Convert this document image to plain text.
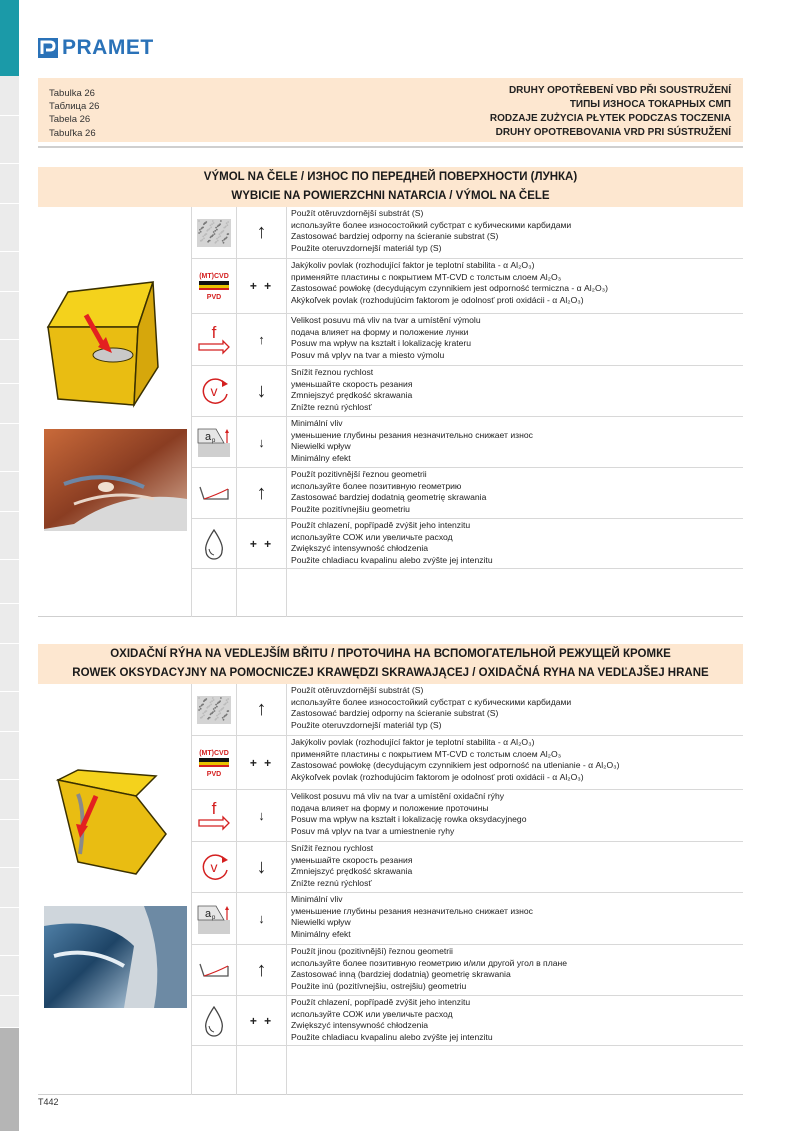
PRAMET
Tabulka 26
Таблица 26
Tabela 26
Tabuľka 26
DRUHY OPOTŘEBENÍ VBD PŘI SOUSTRUŽENÍ
ТИПЫ ИЗНОСА ТОКАРНЫХ СМП
RODZAJE ZUŻYCIA PŁYTEK PODCZAS TOCZENIA
DRUHY OPOTREBOVANIA VRD PRI SÚSTRUŽENÍ
VÝMOL NA ČELE / ИЗНОС ПО ПЕРЕДНЕЙ ПОВЕРХНОСТИ (ЛУНКА)
WYBICIE NA POWIERZCHNI NATARCIA / VÝMOL NA ČELE
↑
Použít otěruvzdornější substrát (S)
используйте более износостойкий субстрат с кубическими карбидами
Zastosować bardziej odporny na ścieranie substrat (S)
Použite oteruvzdornejší materiál typ (S)
(MT)CVD
PVD
+ +
Jakýkoliv povlak (rozhodující faktor je teplotní stabilita - α Al₂O₃)
применяйте пластины с покрытием MT-CVD с толстым слоем Al₂O₃
Zastosować powłokę (decydującym czynnikiem jest odporność termiczna - α Al₂O₃)
Akýkoľvek povlak (rozhodujúcim faktorom je odolnosť proti oxidácii - α Al₂O₃)
f	↑
Velikost posuvu má vliv na tvar a umístění výmolu
подача влияет на форму и положение лунки
Posuw ma wpływ na kształt i lokalizację krateru
Posuv má vplyv na tvar a miesto výmolu
v	↓
Snížit řeznou rychlost
уменьшайте скорость резания
Zmniejszyć prędkość skrawania
Znížte reznú rýchlosť
a p	↓
Minimální vliv
уменьшение глубины резания незначительно снижает износ
Niewielki wpływ
Minimálny efekt
↑
Použít pozitivnější řeznou geometrii
используйте более позитивную геометрию
Zastosować bardziej dodatnią geometrię skrawania
Použite pozitívnejšiu geometriu
+ +
Použít chlazení, popřípadě zvýšit jeho intenzitu
используйте СОЖ или увеличьте расход
Zwiększyć intensywność chłodzenia
Použite chladiacu kvapalinu alebo zvýšte jej intenzitu
OXIDAČNÍ RÝHA NA VEDLEJŠÍM BŘITU / ПРОТОЧИНА НА ВСПОМОГАТЕЛЬНОЙ РЕЖУЩЕЙ КРОМКЕ
ROWEK OKSYDACYJNY NA POMOCNICZEJ KRAWĘDZI SKRAWAJĄCEJ / OXIDAČNÁ RYHA NA VEDĽAJŠEJ HRANE
↑
Použít otěruvzdornější substrát (S)
используйте более износостойкий субстрат с кубическими карбидами
Zastosować bardziej odporny na ścieranie substrat (S)
Použite oteruvzdornejší materiál typ (S)
(MT)CVD
PVD
+ +
Jakýkoliv povlak (rozhodující faktor je teplotní stabilita - α Al₂O₃)
применяйте пластины с покрытием MT-CVD с толстым слоем Al₂O₃
Zastosować powłokę (decydującym czynnikiem jest odporność na utlenianie - α Al₂O₃)
Akýkoľvek povlak (rozhodujúcim faktorom je odolnosť proti oxidácii - α Al₂O₃)
f	↓
Velikost posuvu má vliv na tvar a umístění oxidační rýhy
подача влияет на форму и положение проточины
Posuw ma wpływ na kształt i lokalizację rowka oksydacyjnego
Posuv má vplyv na tvar a umiestnenie ryhy
v	↓
Snížit řeznou rychlost
уменьшайте скорость резания
Zmniejszyć prędkość skrawania
Znížte reznú rýchlosť
a p	↓
Minimální vliv
уменьшение глубины резания незначительно снижает износ
Niewielki wpływ
Minimálny efekt
↑
Použít jinou (pozitivnější) řeznou geometrii
используйте более позитивную геометрию и/или другой угол в плане
Zastosować inną (bardziej dodatnią) geometrię skrawania
Použite inú (pozitívnejšiu, ostrejšiu) geometriu
+ +
Použít chlazení, popřípadě zvýšit jeho intenzitu
используйте СОЖ или увеличьте расход
Zwiększyć intensywność chłodzenia
Použite chladiacu kvapalinu alebo zvýšte jej intenzitu
T442
